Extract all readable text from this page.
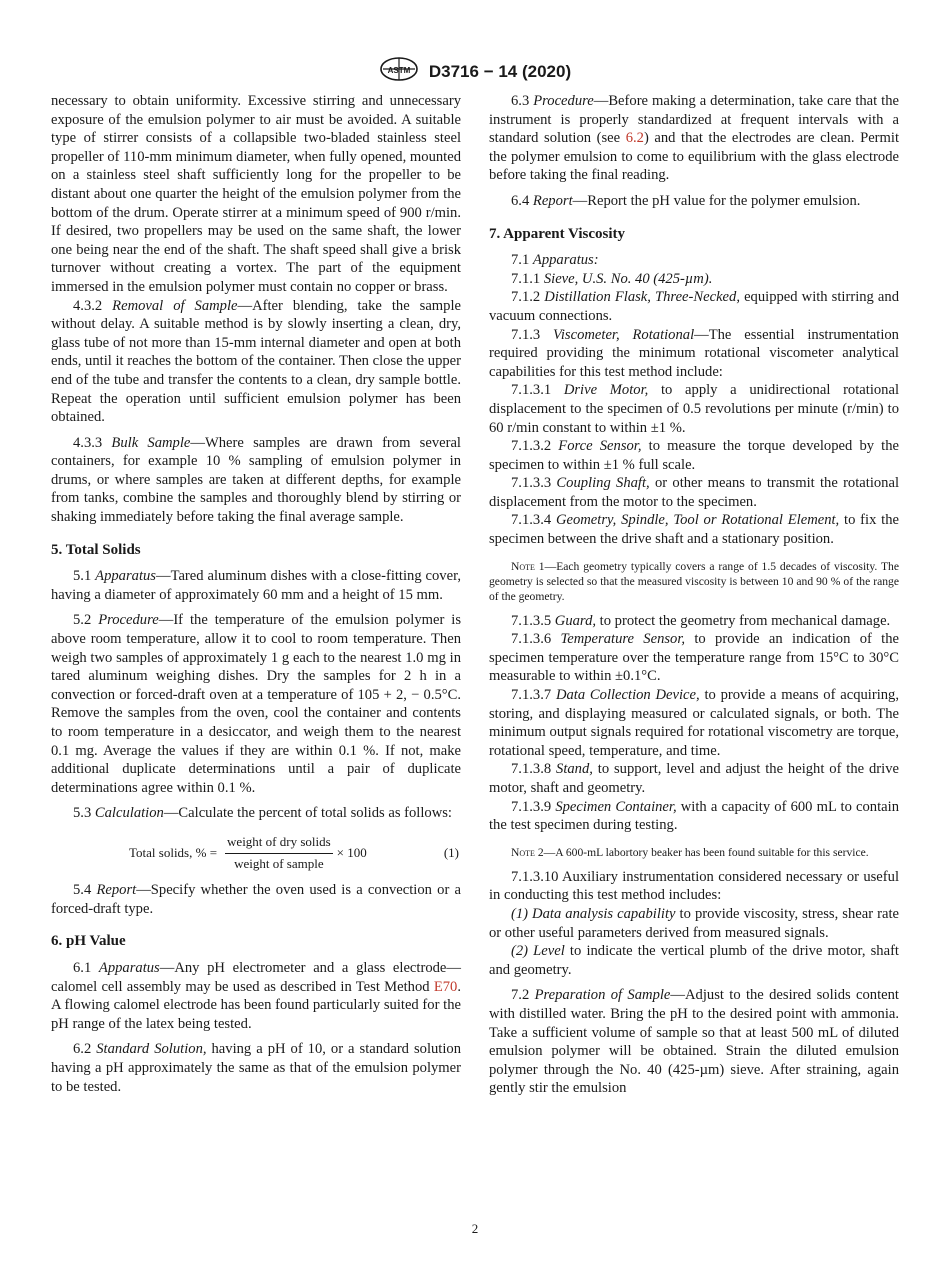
ASTM D3716 − 14 (2020)

necessary to obtain uniformity. Excessive stirring and unnecessary exposure of the emulsion polymer to air must be avoided. A suitable type of stirrer consists of a collapsible two-bladed stainless steel propeller of 110-mm minimum diameter, when fully opened, mounted on a stainless steel shaft sufficiently long for the propeller to be distant about one quarter the height of the emulsion polymer from the bottom of the drum. Operate stirrer at a minimum speed of 900 r/min. If desired, two propellers may be used on the same shaft, the lower one being near the end of the shaft. The shaft speed shall give a brisk turnover without creating a vortex. The part of the equipment immersed in the emulsion polymer must contain no copper or brass.

4.3.2 Removal of Sample—After blending, take the sample without delay. A suitable method is by slowly inserting a clean, dry, glass tube of not more than 15-mm internal diameter and open at both ends, until it reaches the bottom of the container. Then close the upper end of the tube and transfer the contents to a clean, dry sample bottle. Repeat the operation until sufficient emulsion polymer has been obtained.

4.3.3 Bulk Sample—Where samples are drawn from several containers, for example 10 % sampling of emulsion polymer in drums, or where samples are taken at different depths, for example from tanks, combine the samples and thoroughly blend by stirring or shaking immediately before taking the final average sample.

5. Total Solids

5.1 Apparatus—Tared aluminum dishes with a close-fitting cover, having a diameter of approximately 60 mm and a height of 15 mm.

5.2 Procedure—If the temperature of the emulsion polymer is above room temperature, allow it to cool to room temperature. Then weigh two samples of approximately 1 g each to the nearest 1.0 mg in tared aluminum weighing dishes. Dry the samples for 2 h in a convection or forced-draft oven at a temperature of 105 + 2, − 0.5°C. Remove the samples from the oven, cool the container and contents to room temperature in a desiccator, and weigh them to the nearest 0.1 mg. Average the values if they are within 0.1 %. If not, make additional duplicate determinations until a pair of duplicate determinations agree within 0.1 %.

5.3 Calculation—Calculate the percent of total solids as follows:

Total solids, % = $\frac{\text{weight of dry solids}}{\text{weight of sample}} \times 100$	(1)

5.4 Report—Specify whether the oven used is a convection or a forced-draft type.

6. pH Value

6.1 Apparatus—Any pH electrometer and a glass electrode—calomel cell assembly may be used as described in Test Method E70. A flowing calomel electrode has been found particularly suited for the pH range of the latex being tested.

6.2 Standard Solution, having a pH of 10, or a standard solution having a pH approximately the same as that of the emulsion polymer to be tested.

6.3 Procedure—Before making a determination, take care that the instrument is properly standardized at frequent intervals with a standard solution (see 6.2) and that the electrodes are clean. Permit the polymer emulsion to come to equilibrium with the glass electrode before taking the final reading.

6.4 Report—Report the pH value for the polymer emulsion.

7. Apparent Viscosity

7.1 Apparatus:

7.1.1 Sieve, U.S. No. 40 (425-µm).

7.1.2 Distillation Flask, Three-Necked, equipped with stirring and vacuum connections.

7.1.3 Viscometer, Rotational—The essential instrumentation required providing the minimum rotational viscometer analytical capabilities for this test method include:

7.1.3.1 Drive Motor, to apply a unidirectional rotational displacement to the specimen of 0.5 revolutions per minute (r/min) to 60 r/min constant to within ±1 %.

7.1.3.2 Force Sensor, to measure the torque developed by the specimen to within ±1 % full scale.

7.1.3.3 Coupling Shaft, or other means to transmit the rotational displacement from the motor to the specimen.

7.1.3.4 Geometry, Spindle, Tool or Rotational Element, to fix the specimen between the drive shaft and a stationary position.

Note 1—Each geometry typically covers a range of 1.5 decades of viscosity. The geometry is selected so that the measured viscosity is between 10 and 90 % of the range of the geometry.

7.1.3.5 Guard, to protect the geometry from mechanical damage.

7.1.3.6 Temperature Sensor, to provide an indication of the specimen temperature over the temperature range from 15°C to 30°C measurable to within ±0.1°C.

7.1.3.7 Data Collection Device, to provide a means of acquiring, storing, and displaying measured or calculated signals, or both. The minimum output signals required for rotational viscometry are torque, rotational speed, temperature, and time.

7.1.3.8 Stand, to support, level and adjust the height of the drive motor, shaft and geometry.

7.1.3.9 Specimen Container, with a capacity of 600 mL to contain the test specimen during testing.

Note 2—A 600-mL labortory beaker has been found suitable for this service.

7.1.3.10 Auxiliary instrumentation considered necessary or useful in conducting this test method includes:

(1) Data analysis capability to provide viscosity, stress, shear rate or other useful parameters derived from measured signals.

(2) Level to indicate the vertical plumb of the drive motor, shaft and geometry.

7.2 Preparation of Sample—Adjust to the desired solids content with distilled water. Bring the pH to the desired point with ammonia. Take a sufficient volume of sample so that at least 500 mL of diluted emulsion polymer will be obtained. Strain the diluted emulsion polymer through the No. 40 (425-µm) sieve. After straining, again gently stir the emulsion

2
